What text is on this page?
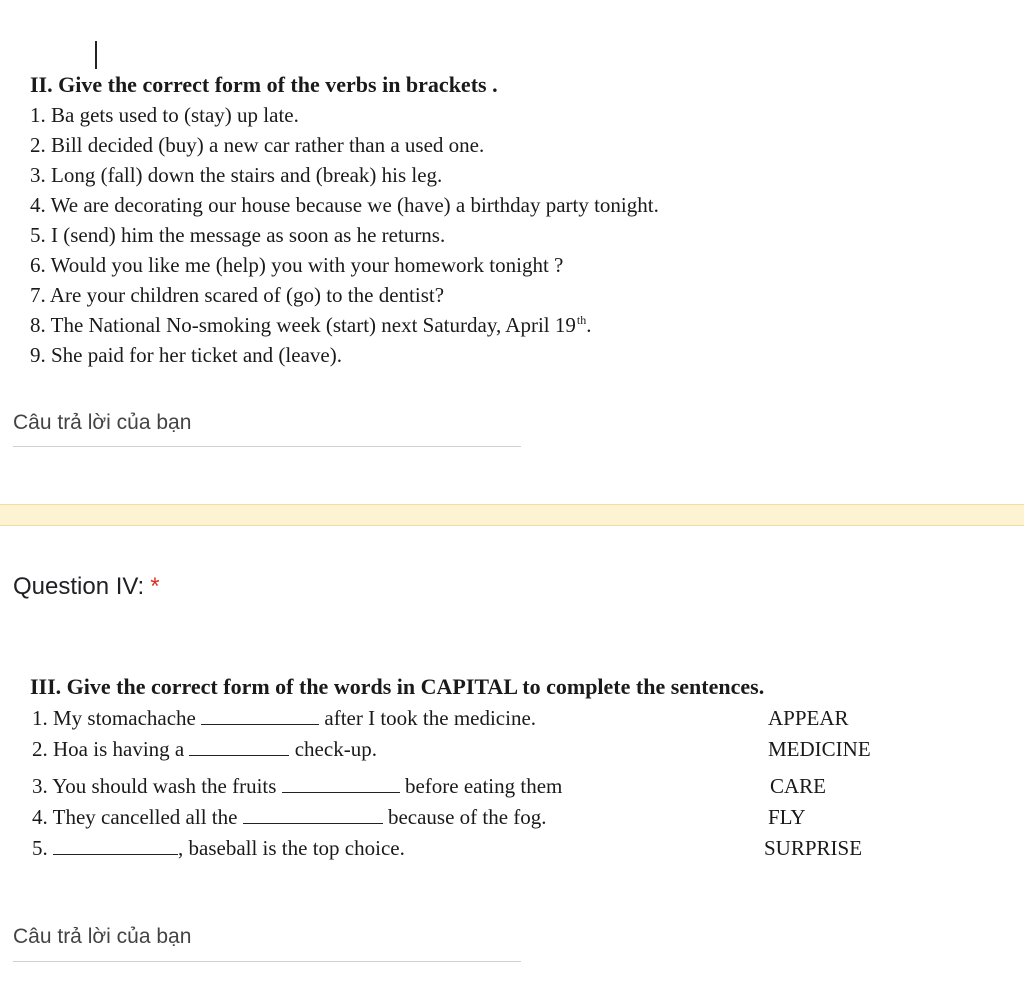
II. Give the correct form of the verbs in brackets .
1. Ba gets used to (stay) up late.
2. Bill decided (buy) a new car rather than a used one.
3. Long (fall) down the stairs and (break) his leg.
4. We are decorating our house because we (have) a birthday party tonight.
5. I (send) him the message as soon as he returns.
6. Would you like me (help) you with your homework tonight ?
7. Are your children scared of (go) to the dentist?
8. The National No-smoking week (start) next Saturday, April 19th.
9. She paid for her ticket and (leave).
Câu trả lời của bạn
Question IV: *
III. Give the correct form of the words in CAPITAL to complete the sentences.
1. My stomachache	after I took the medicine.	APPEAR
2. Hoa is having a	check-up.	MEDICINE
3. You should wash the fruits	before eating them	CARE
4. They cancelled all the	because of the fog.	FLY
5.	, baseball is the top choice.	SURPRISE
Câu trả lời của bạn
